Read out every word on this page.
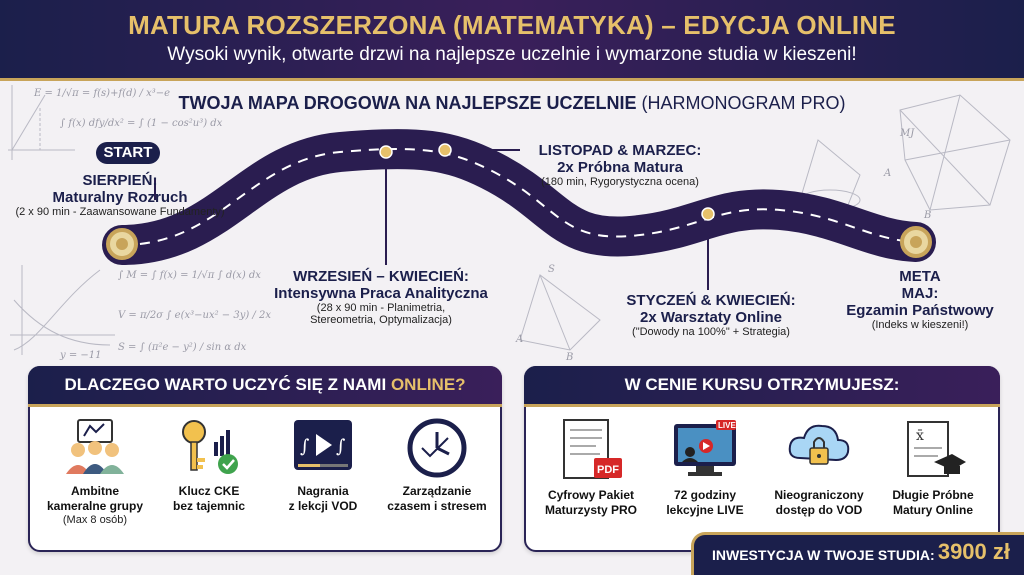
E = 1/√π = f(s)+f(d) / x³−e
∫ f(x) dfy/dx² = ∫ (1 − cos²u³) dx
∫ M = ∫ f(x) = 1/√π ∫ d(x) dx
V = π/2σ ∫ e(x³−ux² − 3y) / 2x
S = ∫ (π²e − y²) / sin α dx
y = −11
MJ
B
A
A
B
S
MATURA ROZSZERZONA (MATEMATYKA) – EDYCJA ONLINE
Wysoki wynik, otwarte drzwi na najlepsze uczelnie i wymarzone studia w kieszeni!
TWOJA MAPA DROGOWA NA NAJLEPSZE UCZELNIE (HARMONOGRAM PRO)
START
SIERPIEŃ:
Maturalny Rozruch
(2 x 90 min - Zaawansowane Fundamenty)
WRZESIEŃ – KWIECIEŃ:
Intensywna Praca Analityczna
(28 x 90 min - Planimetria,
Stereometria, Optymalizacja)
LISTOPAD & MARZEC:
2x Próbna Matura
(180 min, Rygorystyczna ocena)
STYCZEŃ & KWIECIEŃ:
2x Warsztaty Online
("Dowody na 100%" + Strategia)
META
MAJ:
Egzamin Państwowy
(Indeks w kieszeni!)
DLACZEGO WARTO UCZYĆ SIĘ Z NAMI ONLINE?
Ambitne
kameralne grupy
(Max 8 osób)
Klucz CKE
bez tajemnic
∫ ∫
Nagrania
z lekcji VOD
Zarządzanie
czasem i stresem
W CENIE KURSU OTRZYMUJESZ:
PDF
Cyfrowy Pakiet
Maturzysty PRO
LIVE
72 godziny
lekcyjne LIVE
Nieograniczony
dostęp do VOD
x̄
Długie Próbne
Matury Online
INWESTYCJA W TWOJE STUDIA: 3900 zł
